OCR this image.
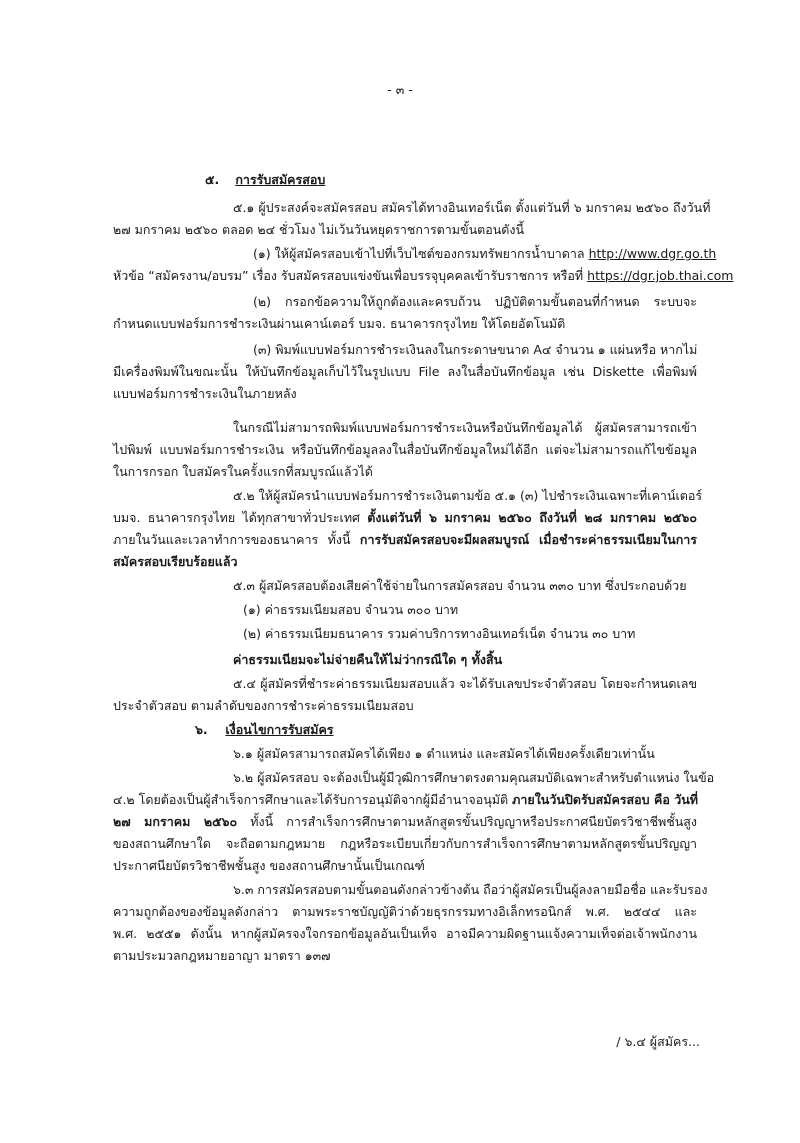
- ๓ -
๕. การรับสมัครสอบ
๕.๑ ผู้ประสงค์จะสมัครสอบ สมัครได้ทางอินเทอร์เน็ต ตั้งแต่วันที่ ๖ มกราคม ๒๕๖๐ ถึงวันที่
๒๗ มกราคม ๒๕๖๐ ตลอด ๒๔ ชั่วโมง ไม่เว้นวันหยุดราชการตามขั้นตอนดังนี้
(๑) ให้ผู้สมัครสอบเข้าไปที่เว็บไซต์ของกรมทรัพยากรน้ำบาดาล http://www.dgr.go.th
หัวข้อ “สมัครงาน/อบรม” เรื่อง รับสมัครสอบแข่งขันเพื่อบรรจุบุคคลเข้ารับราชการ หรือที่ https://dgr.job.thai.com
(๒) กรอกข้อความให้ถูกต้องและครบถ้วน ปฏิบัติตามขั้นตอนที่กำหนด ระบบจะ
กำหนดแบบฟอร์มการชำระเงินผ่านเคาน์เตอร์ บมจ. ธนาคารกรุงไทย ให้โดยอัตโนมัติ
(๓) พิมพ์แบบฟอร์มการชำระเงินลงในกระดาษขนาด A๔ จำนวน ๑ แผ่นหรือ หากไม่
มีเครื่องพิมพ์ในขณะนั้น ให้บันทึกข้อมูลเก็บไว้ในรูปแบบ File ลงในสื่อบันทึกข้อมูล เช่น Diskette เพื่อพิมพ์
แบบฟอร์มการชำระเงินในภายหลัง
ในกรณีไม่สามารถพิมพ์แบบฟอร์มการชำระเงินหรือบันทึกข้อมูลได้ ผู้สมัครสามารถเข้า
ไปพิมพ์ แบบฟอร์มการชำระเงิน หรือบันทึกข้อมูลลงในสื่อบันทึกข้อมูลใหม่ได้อีก แต่จะไม่สามารถแก้ไขข้อมูล
ในการกรอก ใบสมัครในครั้งแรกที่สมบูรณ์แล้วได้
๕.๒ ให้ผู้สมัครนำแบบฟอร์มการชำระเงินตามข้อ ๕.๑ (๓) ไปชำระเงินเฉพาะที่เคาน์เตอร์
บมจ. ธนาคารกรุงไทย ได้ทุกสาขาทั่วประเทศ ตั้งแต่วันที่ ๖ มกราคม ๒๕๖๐ ถึงวันที่ ๒๘ มกราคม ๒๕๖๐
ภายในวันและเวลาทำการของธนาคาร ทั้งนี้ การรับสมัครสอบจะมีผลสมบูรณ์ เมื่อชำระค่าธรรมเนียมในการ
สมัครสอบเรียบร้อยแล้ว
๕.๓ ผู้สมัครสอบต้องเสียค่าใช้จ่ายในการสมัครสอบ จำนวน ๓๓๐ บาท ซึ่งประกอบด้วย
(๑) ค่าธรรมเนียมสอบ จำนวน ๓๐๐ บาท
(๒) ค่าธรรมเนียมธนาคาร รวมค่าบริการทางอินเทอร์เน็ต จำนวน ๓๐ บาท
ค่าธรรมเนียมจะไม่จ่ายคืนให้ไม่ว่ากรณีใด ๆ ทั้งสิ้น
๕.๔ ผู้สมัครที่ชำระค่าธรรมเนียมสอบแล้ว จะได้รับเลขประจำตัวสอบ โดยจะกำหนดเลข
ประจำตัวสอบ ตามลำดับของการชำระค่าธรรมเนียมสอบ
๖. เงื่อนไขการรับสมัคร
๖.๑ ผู้สมัครสามารถสมัครได้เพียง ๑ ตำแหน่ง และสมัครได้เพียงครั้งเดียวเท่านั้น
๖.๒ ผู้สมัครสอบ จะต้องเป็นผู้มีวุฒิการศึกษาตรงตามคุณสมบัติเฉพาะสำหรับตำแหน่ง ในข้อ
๔.๒ โดยต้องเป็นผู้สำเร็จการศึกษาและได้รับการอนุมัติจากผู้มีอำนาจอนุมัติ ภายในวันปิดรับสมัครสอบ คือ วันที่
๒๗ มกราคม ๒๕๖๐ ทั้งนี้ การสำเร็จการศึกษาตามหลักสูตรขั้นปริญญาหรือประกาศนียบัตรวิชาชีพชั้นสูง
ของสถานศึกษาใด จะถือตามกฎหมาย กฎหรือระเบียบเกี่ยวกับการสำเร็จการศึกษาตามหลักสูตรขั้นปริญญา
ประกาศนียบัตรวิชาชีพชั้นสูง ของสถานศึกษานั้นเป็นเกณฑ์
๖.๓ การสมัครสอบตามขั้นตอนดังกล่าวข้างต้น ถือว่าผู้สมัครเป็นผู้ลงลายมือชื่อ และรับรอง
ความถูกต้องของข้อมูลดังกล่าว ตามพระราชบัญญัติว่าด้วยธุรกรรมทางอิเล็กทรอนิกส์ พ.ศ. ๒๕๔๔ และ
พ.ศ. ๒๕๕๑ ดังนั้น หากผู้สมัครจงใจกรอกข้อมูลอันเป็นเท็จ อาจมีความผิดฐานแจ้งความเท็จต่อเจ้าพนักงาน
ตามประมวลกฎหมายอาญา มาตรา ๑๓๗
/ ๖.๔ ผู้สมัคร...
